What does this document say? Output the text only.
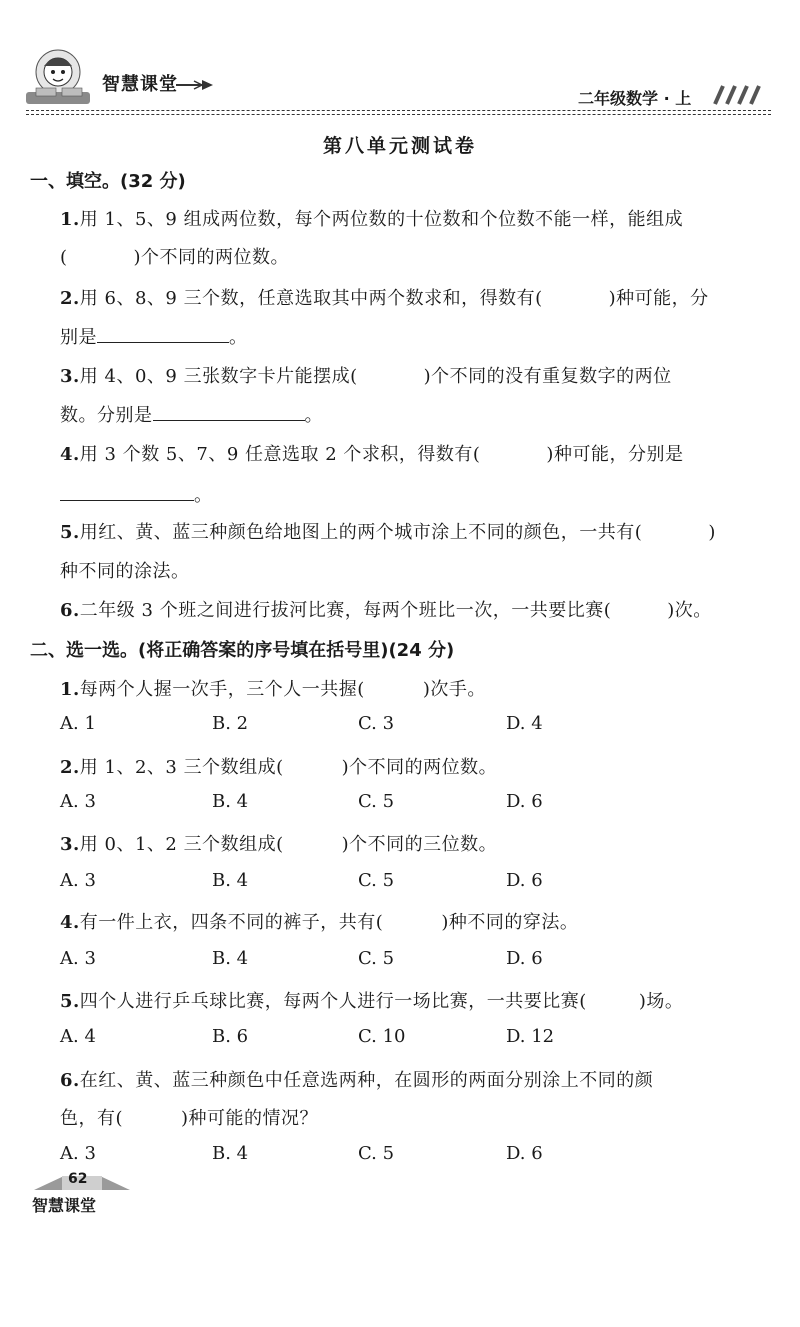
智慧课堂
二年级数学 · 上
第八单元测试卷
一、填空。(32 分)
1.用 1、5、9 组成两位数，每个两位数的十位数和个位数不能一样，能组成
(	)个不同的两位数。
2.用 6、8、9 三个数，任意选取其中两个数求和，得数有(	)种可能，分
别是	。
3.用 4、0、9 三张数字卡片能摆成(	)个不同的没有重复数字的两位
数。分别是	。
4.用 3 个数 5、7、9 任意选取 2 个求积，得数有(	)种可能，分别是
。
5.用红、黄、蓝三种颜色给地图上的两个城市涂上不同的颜色，一共有(	)
种不同的涂法。
6.二年级 3 个班之间进行拔河比赛，每两个班比一次，一共要比赛(	)次。
二、选一选。(将正确答案的序号填在括号里)(24 分)
1.每两个人握一次手，三个人一共握(	)次手。
A. 1	B. 2	C. 3	D. 4
2.用 1、2、3 三个数组成(	)个不同的两位数。
A. 3	B. 4	C. 5	D. 6
3.用 0、1、2 三个数组成(	)个不同的三位数。
A. 3	B. 4	C. 5	D. 6
4.有一件上衣，四条不同的裤子，共有(	)种不同的穿法。
A. 3	B. 4	C. 5	D. 6
5.四个人进行乒乓球比赛，每两个人进行一场比赛，一共要比赛(	)场。
A. 4	B. 6	C. 10	D. 12
6.在红、黄、蓝三种颜色中任意选两种，在圆形的两面分别涂上不同的颜
色，有(	)种可能的情况？
A. 3	B. 4	C. 5	D. 6
62
智慧课堂
